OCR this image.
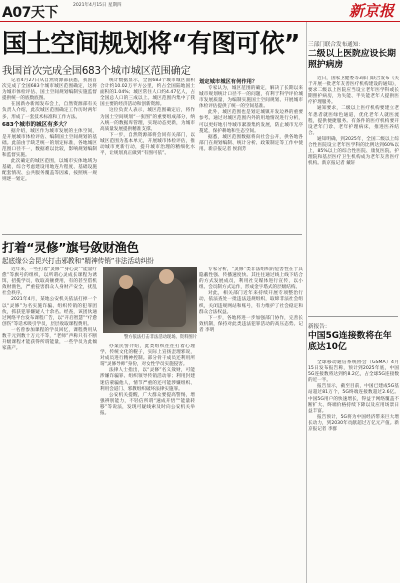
A07天下	2021年4月15日 星期四	新京报
国土空间规划将“有图可依”
我国首次完成全国683个城市城区范围确定

记者4月27日从自然资源部获悉，我国首次完成了全国683个城市城区范围确定，这将为城市体检评估、国土空间规划编制实施监督提供统一的底数底图。

在国新办新闻发布会上，自然资源部有关负责人介绍，此次城区范围确定工作历时两年多，形成了一套技术标准和工作方法。

683个城市的城区有多大？

据介绍，城区作为城市发展的主体空间，是开展城市体检评估、编制国土空间规划的基础。此前由于缺乏统一的划定标准，各地城区范围口径不一，数据难以比较，影响规划编制和监督实施。

此次确定的城区范围，以城市实体地域为基础，综合考虑建设用地连片程度、基础设施配套情况、公共服务覆盖等因素，按照统一规则逐一划定。

统计数据显示，全国683个城市城区面积合计约10.02万平方公里，约占全国陆地国土面积的1.04%；城区常住人口约4.47亿人，占全国总人口的三成以上。城区范围内集中了我国主要的经济活动和创新资源。

这位负责人表示，城区范围确定后，将作为国土空间规划“一张图”的重要组成部分，纳入统一的数据库管理，实现动态更新，为城市高质量发展提供精准支撑。

下一步，自然资源部将会同有关部门，以城区范围为基本单元，开展城市体检评估，推动城市更新行动，提升城市治理的精细化水平，让规划真正做到“有图可依”。

划定城市城区有何作用？

专家认为，城区范围的确定，解决了长期以来城市规划统计口径不一的问题，有利于科学评价城市发展质量，为编制实施国土空间规划、开展城市体检评估提供了统一的空间基准。

此外，城区范围也是划定城镇开发边界的重要参考。通过对城区范围内外的用地情况进行分析，可以更好地引导城市紧凑集约发展，防止城市无序蔓延，保护耕地和生态空间。

据悉，城区范围数据将向社会公开，供各地各部门在规划编制、统计分析、政策制定等工作中使用。新京报记者 侯润芳

打着“灵修”旗号敛财渔色
起底缘公会昆兴打击邪教和“精神传销”非法活动纠纷

近年来，一些打着“灵修”“身心灵”“能量疗愈”等旗号的组织，以所谓心灵成长课程为诱饵，招揽学员，收取高额费用，有的甚至借机敛财渔色，严重侵害群众人身财产安全，扰乱社会秩序。

2021年4月，某地公安机关依法打掉一个以“灵修”为名实施诈骗、组织传销的犯罪团伙，抓获犯罪嫌疑人十余名。经查，该团伙通过网络平台发布课程广告，以“开启智慧”“疗愈创伤”等话术吸引学员，层层收取课程费用。

一名曾参加课程的学员回忆，课程费用从数千元到数十万元不等，“老师”声称只有不断升级课程才能获得所谓能量，一些学员为此倾家荡产。

警方依法打击非法活动现场。资料图片

办案民警介绍，此类组织往往打着心理学、传统文化的幌子，实际上宣扬歪理邪说，对成员进行精神控制。部分骨干成员还利用所谓“灵修导师”身份，对女性学员实施侵害。

法律人士指出，以“灵修”名义敛财，可能涉嫌诈骗罪、组织领导传销活动罪；利用封建迷信蒙骗他人，情节严重的还可能涉嫌组织、利用会道门、邪教组织破坏法律实施罪。

公安机关提醒，广大群众要提高警惕，增强辨别能力，不轻信所谓“速成开悟”“能量转移”等说法，发现可疑线索及时向公安机关举报。

专家分析，“灵修”类非法组织的危害性在于其隐蔽性强、传播速度快。其往往通过线上线下结合的方式发展成员，利用社交媒体进行宣传，以小组、会员制方式运作，形成金字塔式的层级结构。

对此，相关部门近年来持续开展专项整治行动，依法查处一批违法违规组织，取缔非法社会组织，关闭违规网站和账号，有力维护了社会稳定和群众合法权益。

下一步，各地将进一步加强部门协作，完善长效机制，保持对此类违法犯罪活动的高压态势。记者 李明

三部门联合发布通知：
二级以上医院应设长期照护病房

近日，国家卫健委等3部门联合发布《关于开展一批老年友善医疗机构建设的通知》，要求二级以上医院应当设立老年医学科或长期照护病房，为失能、半失能老年人提供医疗护理服务。

通知要求，二级以上医疗机构要建立老年患者就医绿色通道，优化老年人就医流程，提供便捷服务。有条件的医疗机构要开设老年门诊、老年护理病床，推进医养结合。

通知明确，到2025年，全国二级以上综合性医院设立老年医学科的比例达到60%以上，85%以上的综合性医院、康复医院、护理院和基层医疗卫生机构成为老年友善医疗机构。新京报记者 戴轩

新报告：
中国5G连接数将在年底达10亿

全球移动通信系统协会（GSMA）4月15日发布报告称，预计到2025年底，中国5G连接数将达到约8.2亿，占全球5G连接数的近一半。

报告显示，截至目前，中国已建成5G基站超过81万个，5G终端连接数超过2.6亿。中国5G用户的快速增长，得益于网络覆盖不断扩大、终端价格持续下降以及应用场景日益丰富。

报告预计，5G将为中国经济带来巨大增长动力，到2030年贡献超过万亿元产值。新京报记者 李群
